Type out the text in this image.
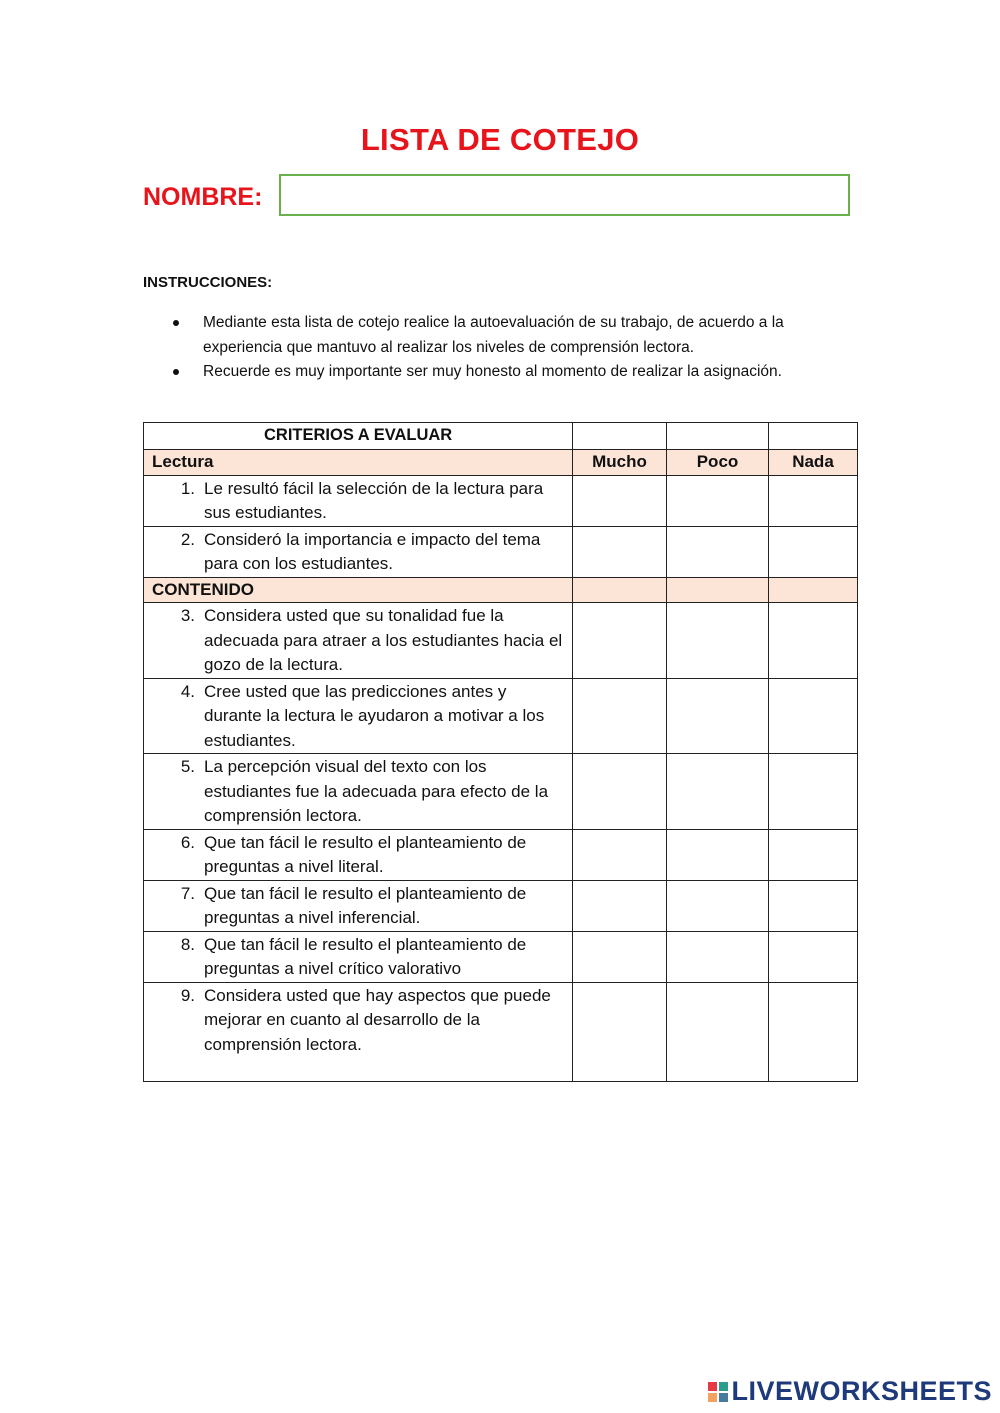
LISTA DE COTEJO
NOMBRE:
INSTRUCCIONES:
Mediante esta lista de cotejo realice la autoevaluación de su trabajo, de acuerdo a la experiencia que mantuvo al realizar los niveles de comprensión lectora.
Recuerde es muy importante ser muy honesto al momento de realizar la asignación.
CRITERIOS A EVALUAR			
Lectura	Mucho	Poco	Nada

1. Le resultó fácil la selección de la lectura para sus estudiantes.			

2. Consideró la importancia e impacto del tema para con los estudiantes.			

CONTENIDO			

3. Considera usted que su tonalidad fue la adecuada para atraer a los estudiantes hacia el gozo de la lectura.			

4. Cree usted que las predicciones antes y durante la lectura le ayudaron a motivar a los estudiantes.			

5. La percepción visual del texto con los estudiantes fue la adecuada para efecto de la comprensión lectora.			

6. Que tan fácil le resulto el planteamiento de preguntas a nivel literal.			

7. Que tan fácil le resulto el planteamiento de preguntas a nivel inferencial.			

8. Que tan fácil le resulto el planteamiento de preguntas a nivel crítico valorativo			

9. Considera usted que hay aspectos que puede mejorar en cuanto al desarrollo de la comprensión lectora.			

LIVEWORKSHEETS
